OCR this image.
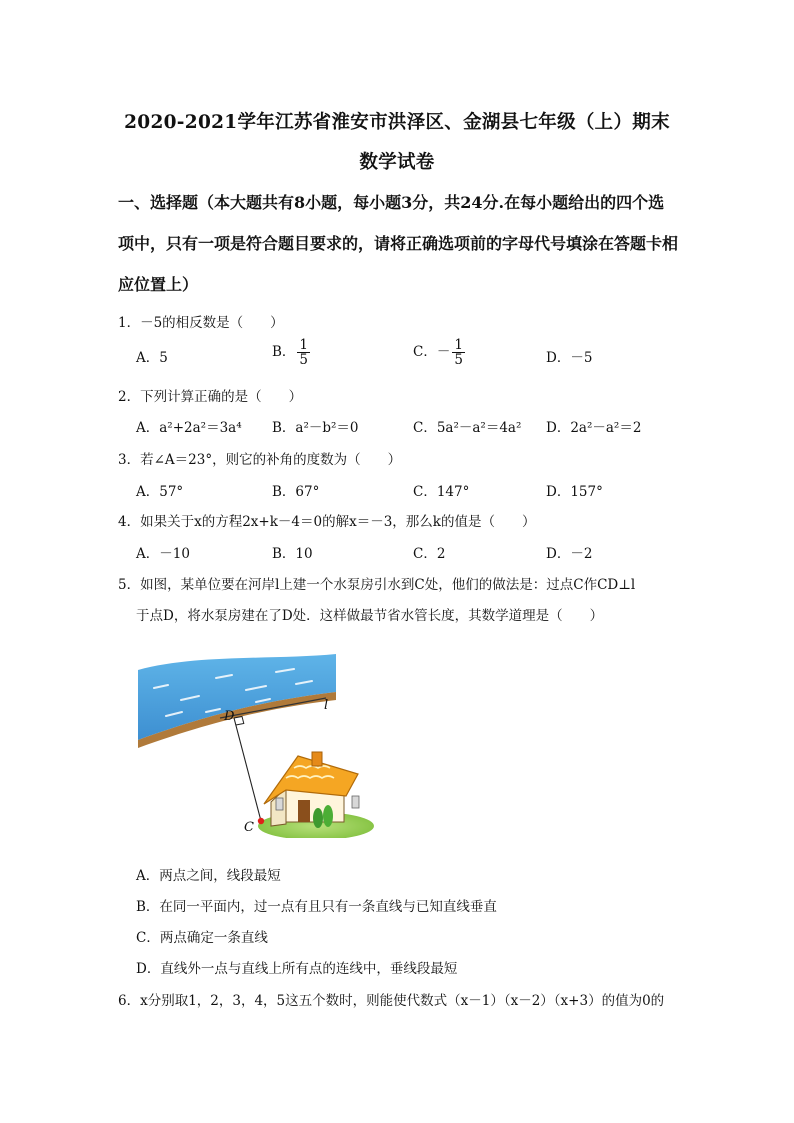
2020-2021学年江苏省淮安市洪泽区、金湖县七年级（上）期末
数学试卷
一、选择题（本大题共有8小题，每小题3分，共24分.在每小题给出的四个选项中，只有一项是符合题目要求的，请将正确选项前的字母代号填涂在答题卡相应位置上）
1．－5的相反数是（　　）
A．5	B． $\frac{1}{5}$	C．－ $\frac{1}{5}$	D．－5
2．下列计算正确的是（　　）
A．a²+2a²＝3a⁴ B．a²－b²＝0	C．5a²－a²＝4a² D．2a²－a²＝2
3．若∠A＝23°，则它的补角的度数为（　　）
A．57°	B．67°	C．147°	D．157°
4．如果关于x的方程2x+k－4＝0的解x＝－3，那么k的值是（　　）
A．－10	B．10	C．2	D．－2
5．如图，某单位要在河岸l上建一个水泵房引水到C处，他们的做法是：过点C作CD⊥l
于点D，将水泵房建在了D处．这样做最节省水管长度，其数学道理是（　　）
D
C
l
A．两点之间，线段最短
B．在同一平面内，过一点有且只有一条直线与已知直线垂直
C．两点确定一条直线
D．直线外一点与直线上所有点的连线中，垂线段最短
6．x分别取1，2，3，4，5这五个数时，则能使代数式（x－1）（x－2）（x+3）的值为0的
